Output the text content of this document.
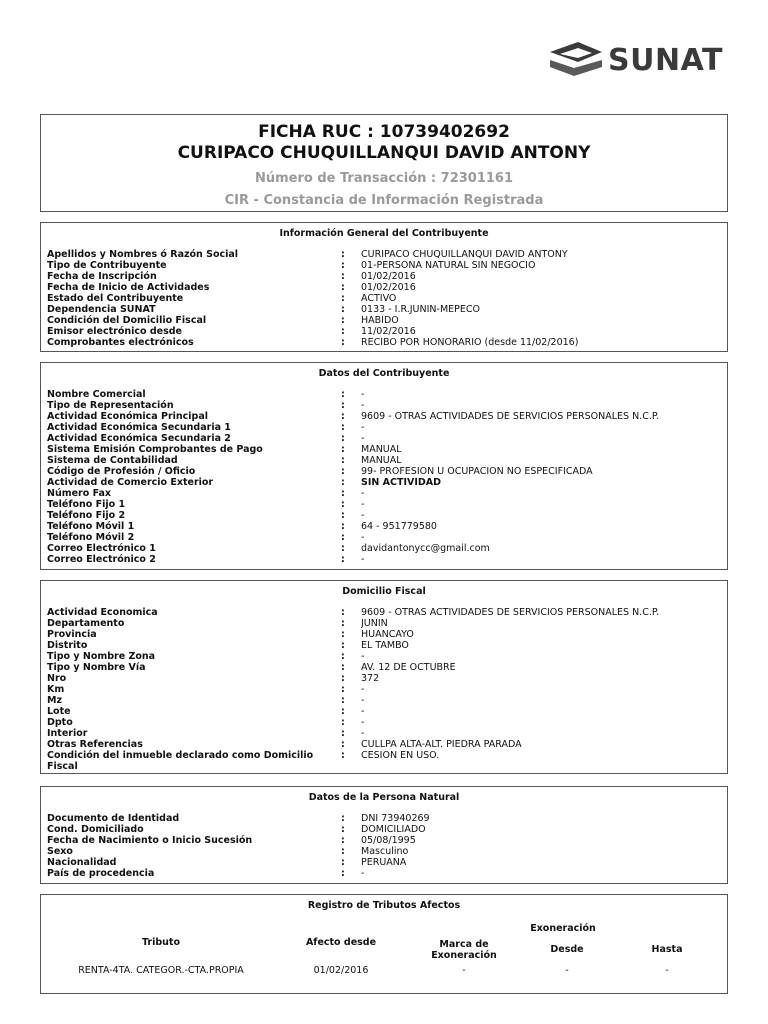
SUNAT
FICHA RUC : 10739402692
CURIPACO CHUQUILLANQUI DAVID ANTONY
Número de Transacción : 72301161
CIR - Constancia de Información Registrada
Información General del Contribuyente
Apellidos y Nombres ó Razón Social	:	CURIPACO CHUQUILLANQUI DAVID ANTONY
Tipo de Contribuyente	:	01-PERSONA NATURAL SIN NEGOCIO
Fecha de Inscripción	:	01/02/2016
Fecha de Inicio de Actividades	:	01/02/2016
Estado del Contribuyente	:	ACTIVO
Dependencia SUNAT	:	0133 - I.R.JUNIN-MEPECO
Condición del Domicilio Fiscal	:	HABIDO
Emisor electrónico desde	:	11/02/2016
Comprobantes electrónicos	:	RECIBO POR HONORARIO (desde 11/02/2016)
Datos del Contribuyente
Nombre Comercial	:	-
Tipo de Representación	:	-
Actividad Económica Principal	:	9609 - OTRAS ACTIVIDADES DE SERVICIOS PERSONALES N.C.P.
Actividad Económica Secundaria 1	:	-
Actividad Económica Secundaria 2	:	-
Sistema Emisión Comprobantes de Pago	:	MANUAL
Sistema de Contabilidad	:	MANUAL
Código de Profesión / Oficio	:	99- PROFESION U OCUPACION NO ESPECIFICADA
Actividad de Comercio Exterior	:	SIN ACTIVIDAD
Número Fax	:	-
Teléfono Fijo 1	:	-
Teléfono Fijo 2	:	-
Teléfono Móvil 1	:	64 - 951779580
Teléfono Móvil 2	:	-
Correo Electrónico 1	:	davidantonycc@gmail.com
Correo Electrónico 2	:	-
Domicilio Fiscal
Actividad Economica	:	9609 - OTRAS ACTIVIDADES DE SERVICIOS PERSONALES N.C.P.
Departamento	:	JUNIN
Provincia	:	HUANCAYO
Distrito	:	EL TAMBO
Tipo y Nombre Zona	:	-
Tipo y Nombre Vía	:	AV. 12 DE OCTUBRE
Nro	:	372
Km	:	-
Mz	:	-
Lote	:	-
Dpto	:	-
Interior	:	-
Otras Referencias	:	CULLPA ALTA-ALT. PIEDRA PARADA
Condición del inmueble declarado como Domicilio Fiscal
:	CESION EN USO.
Datos de la Persona Natural
Documento de Identidad	:	DNI 73940269
Cond. Domiciliado	:	DOMICILIADO
Fecha de Nacimiento o Inicio Sucesión	:	05/08/1995
Sexo	:	Masculino
Nacionalidad	:	PERUANA
País de procedencia	:	-
Registro de Tributos Afectos
Tributo	Afecto desde	Marca de Exoneración
Exoneración
Desde	Hasta
RENTA-4TA. CATEGOR.-CTA.PROPIA	01/02/2016	-	-	-
